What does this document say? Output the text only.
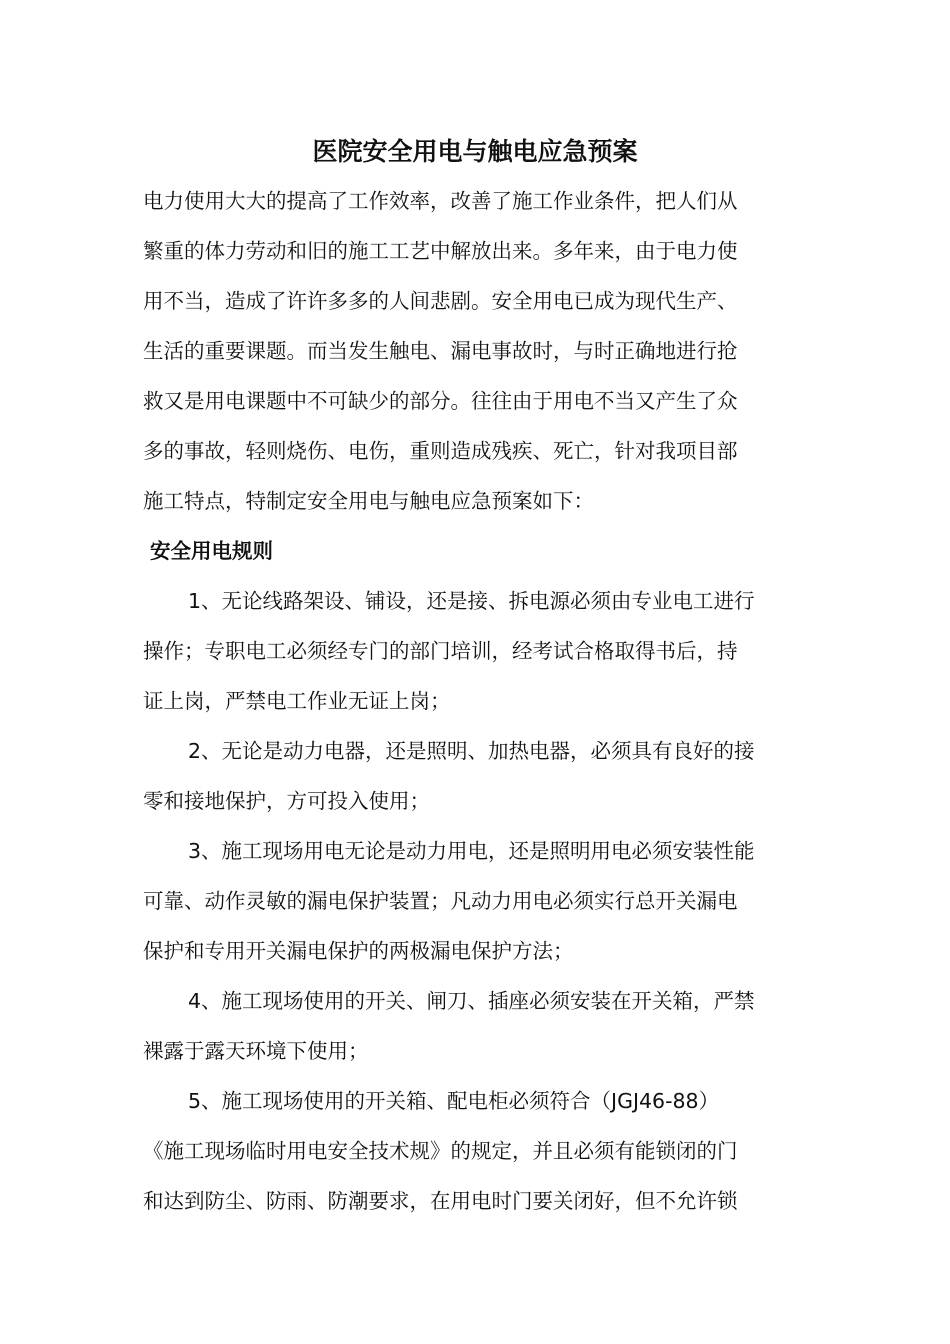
医院安全用电与触电应急预案
电力使用大大的提高了工作效率，改善了施工作业条件，把人们从
繁重的体力劳动和旧的施工工艺中解放出来。多年来，由于电力使
用不当，造成了许许多多的人间悲剧。安全用电已成为现代生产、
生活的重要课题。而当发生触电、漏电事故时，与时正确地进行抢
救又是用电课题中不可缺少的部分。往往由于用电不当又产生了众
多的事故，轻则烧伤、电伤，重则造成残疾、死亡，针对我项目部
施工特点，特制定安全用电与触电应急预案如下：
安全用电规则
1、无论线路架设、铺设，还是接、拆电源必须由专业电工进行
操作；专职电工必须经专门的部门培训，经考试合格取得书后，持
证上岗，严禁电工作业无证上岗；
2、无论是动力电器，还是照明、加热电器，必须具有良好的接
零和接地保护，方可投入使用；
3、施工现场用电无论是动力用电，还是照明用电必须安装性能
可靠、动作灵敏的漏电保护装置；凡动力用电必须实行总开关漏电
保护和专用开关漏电保护的两极漏电保护方法；
4、施工现场使用的开关、闸刀、插座必须安装在开关箱，严禁
裸露于露天环境下使用；
5、施工现场使用的开关箱、配电柜必须符合（JGJ46-88）
《施工现场临时用电安全技术规》的规定，并且必须有能锁闭的门
和达到防尘、防雨、防潮要求，在用电时门要关闭好，但不允许锁
